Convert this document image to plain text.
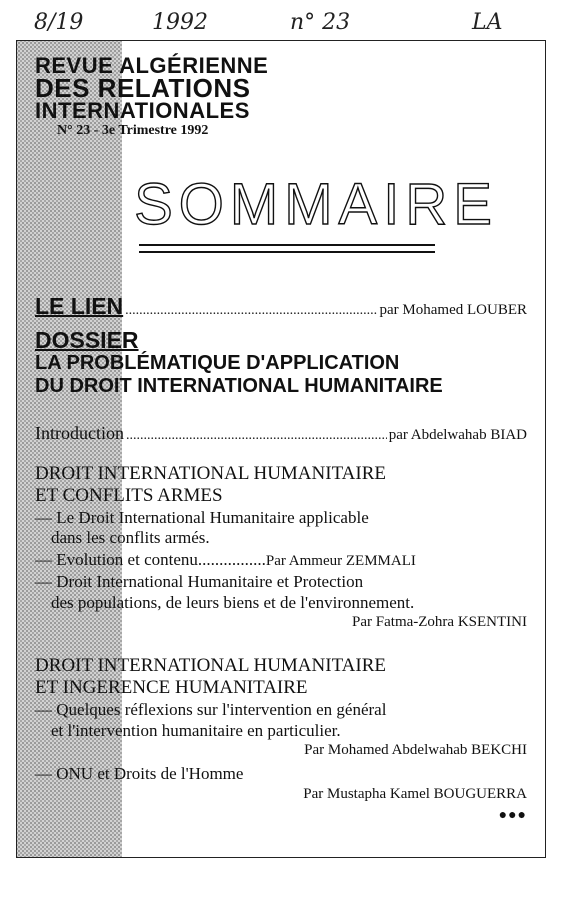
8/19	1992	n° 23	LA
REVUE ALGÉRIENNE
DES RELATIONS
INTERNATIONALES
N° 23 - 3e Trimestre 1992
SOMMAIRE
LE LIEN .....	par Mohamed LOUBER
DOSSIER
LA PROBLÉMATIQUE D'APPLICATION
DU DROIT INTERNATIONAL HUMANITAIRE
Introduction .....	par Abdelwahab BIAD
DROIT INTERNATIONAL HUMANITAIRE
ET CONFLITS ARMES
— Le Droit International Humanitaire applicable
dans les conflits armés.
— Evolution et contenu................Par Ammeur ZEMMALI
— Droit International Humanitaire et Protection
des populations, de leurs biens et de l'environnement.
Par Fatma-Zohra KSENTINI
DROIT INTERNATIONAL HUMANITAIRE
ET INGERENCE HUMANITAIRE
— Quelques réflexions sur l'intervention en général
et l'intervention humanitaire en particulier.
Par Mohamed Abdelwahab BEKCHI
— ONU et Droits de l'Homme
Par Mustapha Kamel BOUGUERRA
●●●
